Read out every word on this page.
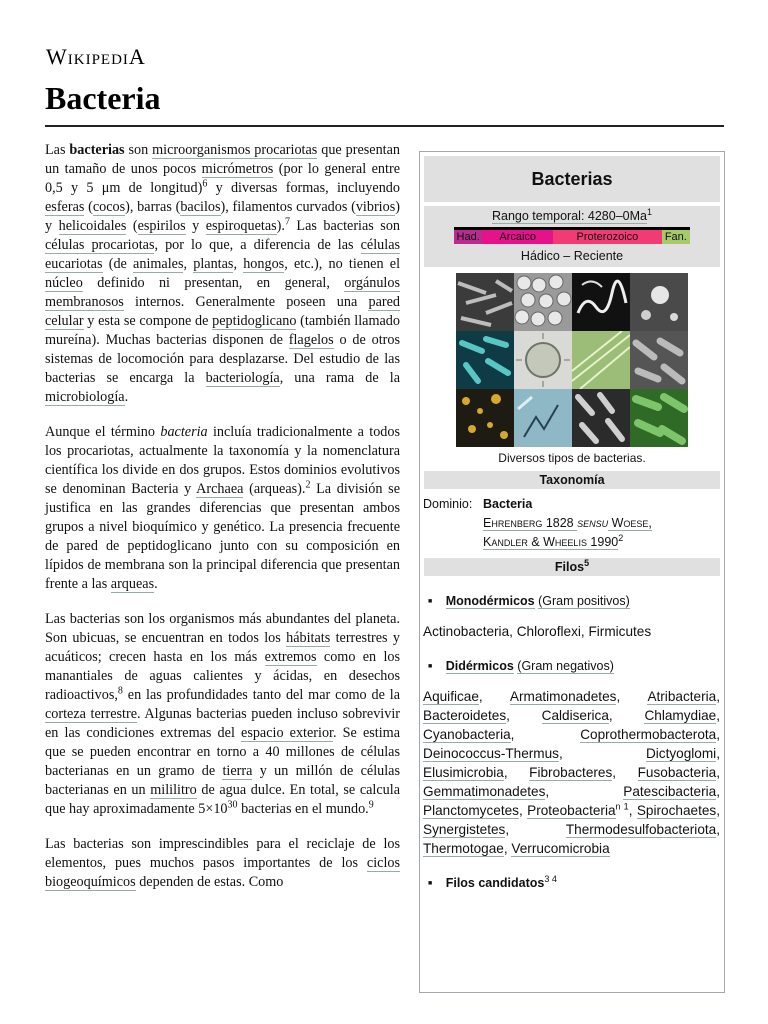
WikipediA
Bacteria

Las bacterias son microorganismos procariotas que presentan un tamaño de unos pocos micrómetros (por lo general entre 0,5 y 5 μm de longitud)$^6$ y diversas formas, incluyendo esferas (cocos), barras (bacilos), filamentos curvados (vibrios) y helicoidales (espirilos y espiroquetas).$^7$ Las bacterias son células procariotas, por lo que, a diferencia de las células eucariotas (de animales, plantas, hongos, etc.), no tienen el núcleo definido ni presentan, en general, orgánulos membranosos internos. Generalmente poseen una pared celular y esta se compone de peptidoglicano (también llamado mureína). Muchas bacterias disponen de flagelos o de otros sistemas de locomoción para desplazarse. Del estudio de las bacterias se encarga la bacteriología, una rama de la microbiología.

Aunque el término bacteria incluía tradicionalmente a todos los procariotas, actualmente la taxonomía y la nomenclatura científica los divide en dos grupos. Estos dominios evolutivos se denominan Bacteria y Archaea (arqueas).$^2$ La división se justifica en las grandes diferencias que presentan ambos grupos a nivel bioquímico y genético. La presencia frecuente de pared de peptidoglicano junto con su composición en lípidos de membrana son la principal diferencia que presentan frente a las arqueas.

Las bacterias son los organismos más abundantes del planeta. Son ubicuas, se encuentran en todos los hábitats terrestres y acuáticos; crecen hasta en los más extremos como en los manantiales de aguas calientes y ácidas, en desechos radioactivos,$^8$ en las profundidades tanto del mar como de la corteza terrestre. Algunas bacterias pueden incluso sobrevivir en las condiciones extremas del espacio exterior. Se estima que se pueden encontrar en torno a 40 millones de células bacterianas en un gramo de tierra y un millón de células bacterianas en un mililitro de agua dulce. En total, se calcula que hay aproximadamente $5\times 10^{30}$ bacterias en el mundo.$^9$

Las bacterias son imprescindibles para el reciclaje de los elementos, pues muchos pasos importantes de los ciclos biogeoquímicos dependen de estas. Como

Bacterias
Rango temporal: 4280–0Ma$^1$
Had.	Arcaico	Proterozoico	Fan.
Hádico – Reciente
Diversos tipos de bacterias.
Taxonomía
Dominio: Bacteria
Ehrenberg 1828 sensu Woese,
Kandler & Wheelis 1990$^2$
Filos$^5$
■ Monodérmicos (Gram positivos)
Actinobacteria, Chloroflexi, Firmicutes
■ Didérmicos (Gram negativos)
Aquificae, Armatimonadetes, Atribacteria, Bacteroidetes, Caldiserica, Chlamydiae, Cyanobacteria, Coprothermobacterota, Deinococcus-Thermus, Dictyoglomi, Elusimicrobia, Fibrobacteres, Fusobacteria, Gemmatimonadetes, Patescibacteria, Planctomycetes, Proteobacteria$^{n 1}$, Spirochaetes, Synergistetes, Thermodesulfobacteriota, Thermotogae, Verrucomicrobia
■ Filos candidatos$^{3 4}$
